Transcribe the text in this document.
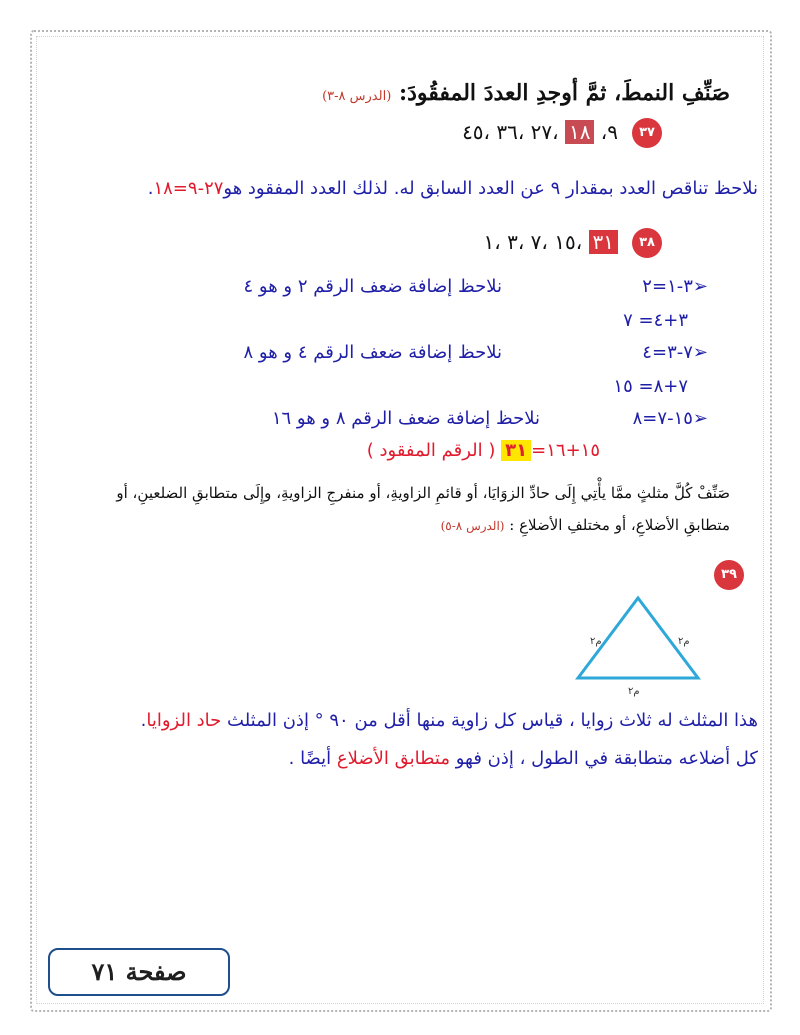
صَنِّفِ النمطَ، ثمَّ أوجدِ العددَ المفقُودَ: (الدرس ٨-٣)
٣٧
٩، ١٨ ،٢٧ ،٣٦ ،٤٥
نلاحظ تناقص العدد بمقدار ٩ عن العدد السابق له. لذلك العدد المفقود هو٢٧-٩=١٨.
٣٨
٣١ ،١٥ ،٧ ،٣ ،١
➢٣-١=٢
نلاحظ إضافة ضعف الرقم ٢ و هو ٤
٣+٤= ٧
➢٧-٣=٤
نلاحظ إضافة ضعف الرقم ٤ و هو ٨
٧+٨= ١٥
➢١٥-٧=٨
نلاحظ إضافة ضعف الرقم ٨ و هو ١٦
١٥+١٦=٣١ ( الرقم المفقود )
صَنِّفْ كُلَّ مثلثٍ ممَّا يأْتِي إِلَى حادِّ الزوَايَا، أو قائمِ الزاويةِ، أو منفرجِ الزاويةِ، وإِلَى متطابقِ الضلعينِ، أو
متطابقِ الأضلاعِ، أو مختلفِ الأضلاعِ : (الدرس ٨-٥)
٣٩
م٢	م٢
م٢
هذا المثلث له ثلاث زوايا ، قياس كل زاوية منها أقل من ٩٠ ° إذن المثلث حاد الزوايا.
كل أضلاعه متطابقة في الطول ، إذن فهو متطابق الأضلاع أيضًا .
صفحة ٧١
